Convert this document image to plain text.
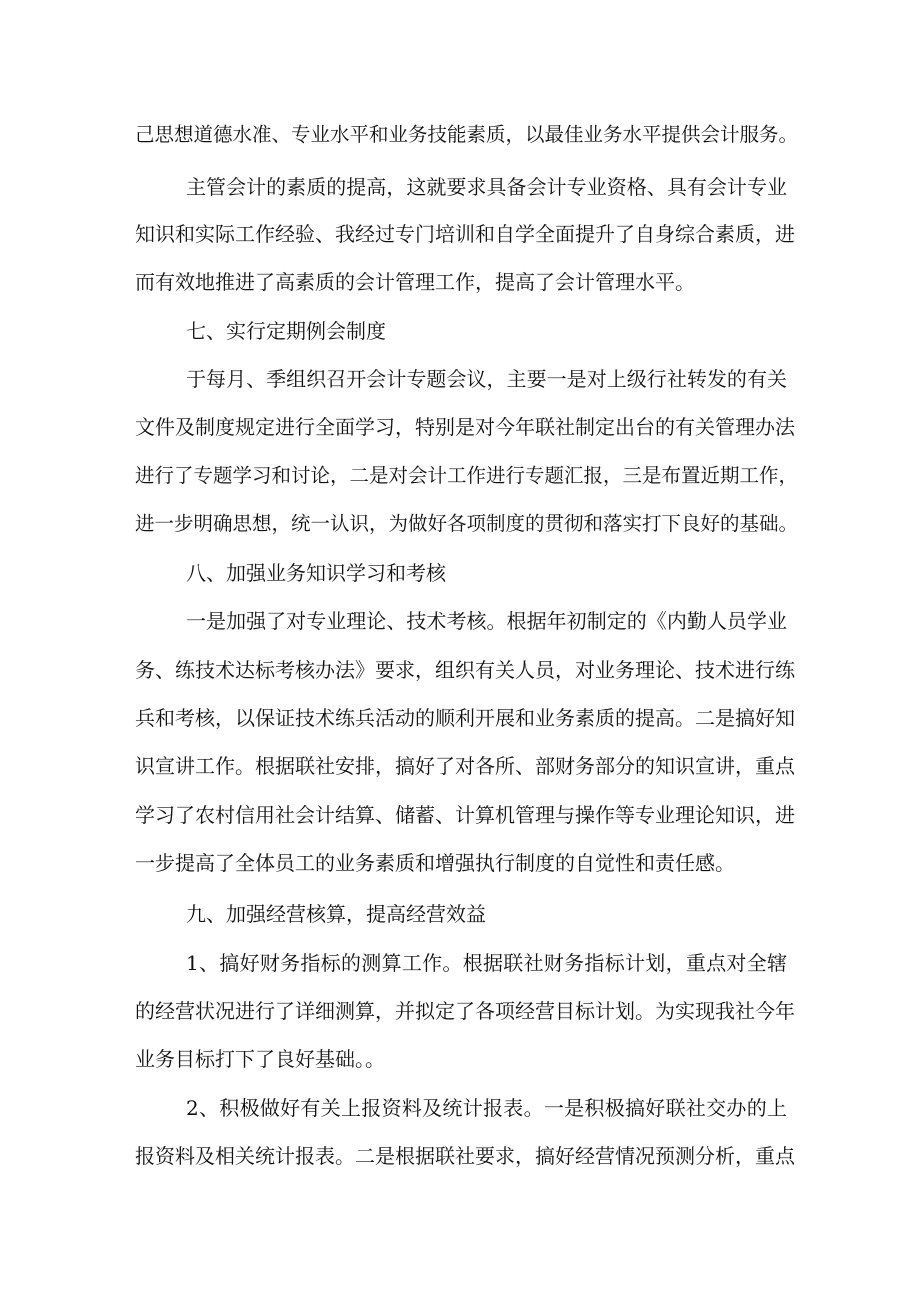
己思想道德水准、专业水平和业务技能素质，以最佳业务水平提供会计服务。
主管会计的素质的提高，这就要求具备会计专业资格、具有会计专业
知识和实际工作经验、我经过专门培训和自学全面提升了自身综合素质，进
而有效地推进了高素质的会计管理工作，提高了会计管理水平。
七、实行定期例会制度
于每月、季组织召开会计专题会议，主要一是对上级行社转发的有关
文件及制度规定进行全面学习，特别是对今年联社制定出台的有关管理办法
进行了专题学习和讨论，二是对会计工作进行专题汇报，三是布置近期工作，
进一步明确思想，统一认识，为做好各项制度的贯彻和落实打下良好的基础。
八、加强业务知识学习和考核
一是加强了对专业理论、技术考核。根据年初制定的《内勤人员学业
务、练技术达标考核办法》要求，组织有关人员，对业务理论、技术进行练
兵和考核，以保证技术练兵活动的顺利开展和业务素质的提高。二是搞好知
识宣讲工作。根据联社安排，搞好了对各所、部财务部分的知识宣讲，重点
学习了农村信用社会计结算、储蓄、计算机管理与操作等专业理论知识，进
一步提高了全体员工的业务素质和增强执行制度的自觉性和责任感。
九、加强经营核算，提高经营效益
1、搞好财务指标的测算工作。根据联社财务指标计划，重点对全辖
的经营状况进行了详细测算，并拟定了各项经营目标计划。为实现我社今年
业务目标打下了良好基础。。
2、积极做好有关上报资料及统计报表。一是积极搞好联社交办的上
报资料及相关统计报表。二是根据联社要求，搞好经营情况预测分析，重点
